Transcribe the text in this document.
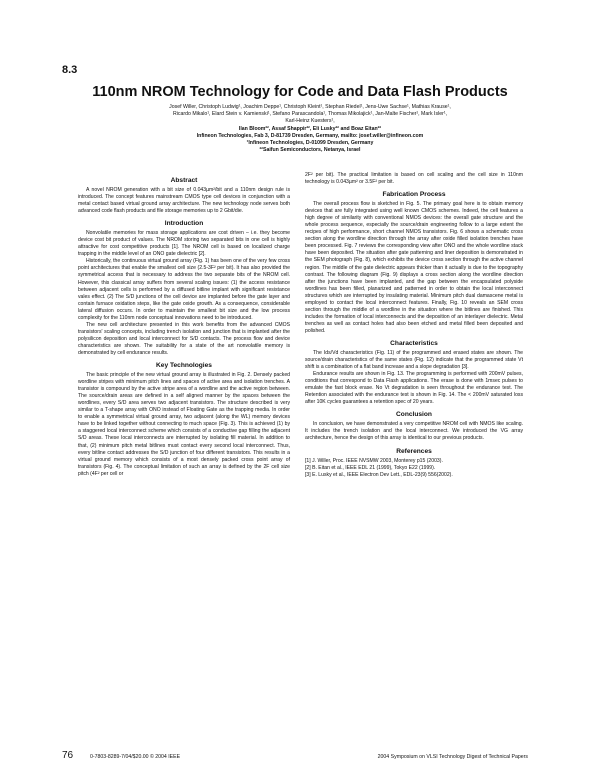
8.3
110nm NROM Technology for Code and Data Flash Products
Josef Willer, Christoph Ludwig¹, Joachim Deppe¹, Christoph Kleint¹, Stephan Riedel¹, Jens-Uwe Sachse¹, Mathias Krause¹,
Ricardo Mikalo¹, Elard Stein v. Kamienski¹, Stefano Parascandola¹, Thomas Mikolajick¹, Jan-Malte Fischer¹, Mark Isler¹,
Karl-Heinz Kuesters¹,
Ilan Bloom²², Assaf Shappir²², Eli Lusky²² and Boaz Eitan²²
Infineon Technologies, Fab 3, D-81739 Dresden, Germany, mailto: josef.willer@infineon.com
¹Infineon Technologies, D-01099 Dresden, Germany
²²Saifun Semiconductors, Netanya, Israel
Abstract

A novel NROM generation with a bit size of 0.043µm²/bit and a 110nm design rule is introduced. The concept features mainstream CMOS type cell devices in conjunction with a metal contact based virtual ground array architecture. The new technology node serves both advanced code flash products and file storage memories up to 2 Gbit/die.

Introduction

Nonvolatile memories for mass storage applications are cost driven – i.e. they become device cost bit product of values. The NROM storing two separated bits in one cell is highly attractive for cost competitive products [1]. The NROM cell is based on localized charge trapping in the middle level of an ONO gate dielectric [2].

Historically, the continuous virtual ground array (Fig. 1) has been one of the very few cross point architectures that enable the smallest cell size (2.5-3F² per bit). It has also provided the symmetrical access that is necessary to address the two separate bits of the NROM cell. However, this classical array suffers from several scaling issues: (1) the access resistance between adjacent cells is performed by a diffused bitline implant with significant resistance vales effect. (2) The S/D junctions of the cell device are implanted before the gate layer and contain furnace oxidation steps, like the gate oxide growth. As a consequence, considerable lateral diffusion occurs. In order to maintain the smallest bit size and the low process complexity for the 110nm node conceptual innovations need to be introduced.

The new cell architecture presented in this work benefits from the advanced CMOS transistors' scaling concepts, including trench isolation and junction that is implanted after the polysilicon deposition and local interconnect for S/D contacts. The process flow and device characteristics are shown. The suitability for a state of the art nonvolatile memory is demonstrated by cell endurance results.

Key Technologies

The basic principle of the new virtual ground array is illustrated in Fig. 2. Densely packed wordline stripes with minimum pitch lines and spaces of active area and isolation trenches. A transistor is compound by the active stripe area of a wordline and the active region between. The source/drain areas are defined in a self aligned manner by the spaces between the wordlines, every S/D area serves two adjacent transistors. The structure described is very similar to a T-shape array with ONO instead of Floating Gate as the trapping media. In order to enable a symmetrical virtual ground array, two adjacent (along the WL) memory devices have to be linked together without connecting to much space (Fig. 3). This is achieved (1) by a staggered local interconnect scheme which consists of a conductive gap filling the adjacent S/D areas. These local interconnects are interrupted by isolating fill material. In addition to that, (2) minimum pitch metal bitlines must contact every second local interconnect. Thus, every bitline contact addresses the S/D junction of four different transistors. This results in a virtual ground memory which consists of a most densely packed cross point array of transistors (Fig. 4). The conceptual limitation of such an array is defined by the 2F cell size pitch (4F² per cell or

2F² per bit). The practical limitation is based on cell scaling and the cell size in 110nm technology is 0.043µm² or 3.5F² per bit.

Fabrication Process

The overall process flow is sketched in Fig. 5. The primary goal here is to obtain memory devices that are fully integrated using well known CMOS schemes. Indeed, the cell features a high degree of similarity with conventional NMOS devices: the overall gate structure and the whole process sequence, especially the source/drain engineering follow to a large extent the recipes of high performance, short channel NMOS transistors. Fig. 6 shows a schematic cross section along the wordline direction through the array after oxide filled isolation trenches have been processed. Fig. 7 reviews the corresponding view after ONO and the whole wordline stack have been deposited. The situation after gate patterning and liner deposition is demonstrated in the SEM photograph (Fig. 8), which exhibits the device cross section through the active channel region. The middle of the gate dielectric appears thicker than it actually is due to the topography contrast. The following diagram (Fig. 9) displays a cross section along the wordline direction after the junctions have been implanted, and the gap between the encapsulated polyside wordlines has been filled, planarized and patterned in order to obtain the local interconnect structures which are interrupted by insulating material. Minimum pitch dual damascene metal is employed to contact the local interconnect features. Finally, Fig. 10 reveals an SEM cross section through the middle of a wordline in the situation where the bitlines are finished. This includes the formation of local interconnects and the deposition of an interlayer dielectric. Metal trenches as well as contact holes had also been etched and metal filled been deposited and polished.

Characteristics

The Ids/Vd characteristics (Fig. 11) of the programmed and erased states are shown. The source/drain characteristics of the same states (Fig. 12) indicate that the programmed state Vt shift is a combination of a flat band increase and a slope degradation [3].

Endurance results are shown in Fig. 13. The programming is performed with 200mV pulses, conditions that correspond to Data Flash applications. The erase is done with 1msec pulses to emulate the fast block erase. No Vt degradation is seen throughout the endurance test. The Retention associated with the endurance test is shown in Fig. 14. The < 200mV saturated loss after 10K cycles guarantees a retention spec of 20 years.

Conclusion

In conclusion, we have demonstrated a very competitive NROM cell with NMOS like scaling. It includes the trench isolation and the local interconnect. We introduced the VG array architecture, hence the design of this array is identical to our previous products.

References
[1] J. Willer, Proc. IEEE NVSMW 2003, Monterey p15 (2003).
[2] B. Eitan et al., IEEE EDL 21 (1999), Tokyo E22 (1999).
[3] E. Lusky et al., IEEE Electron Dev Lett., EDL-23(9) 556(2002).
76	0-7803-8289-7/04/$20.00 © 2004 IEEE	2004 Symposium on VLSI Technology Digest of Technical Papers
